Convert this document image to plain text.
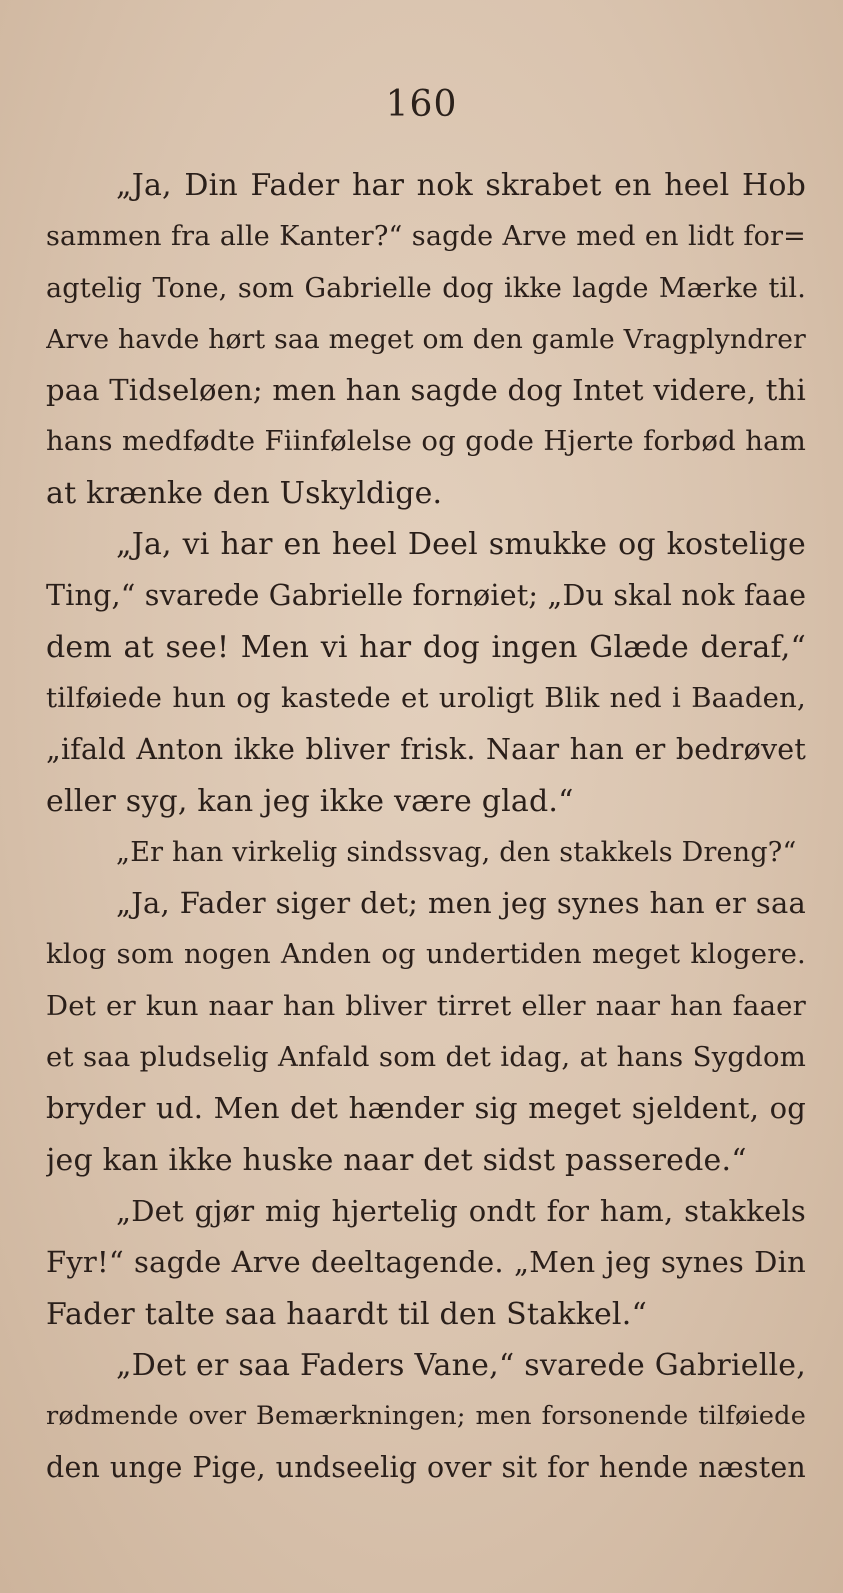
160
„Ja, Din Fader har nok skrabet en heel Hob
sammen fra alle Kanter?“ sagde Arve med en lidt for=
agtelig Tone, som Gabrielle dog ikke lagde Mærke til.
Arve havde hørt saa meget om den gamle Vragplyndrer
paa Tidseløen; men han sagde dog Intet videre, thi
hans medfødte Fiinfølelse og gode Hjerte forbød ham
at krænke den Uskyldige.
„Ja, vi har en heel Deel smukke og kostelige
Ting,“ svarede Gabrielle fornøiet; „Du skal nok faae
dem at see! Men vi har dog ingen Glæde deraf,“
tilføiede hun og kastede et uroligt Blik ned i Baaden,
„ifald Anton ikke bliver frisk. Naar han er bedrøvet
eller syg, kan jeg ikke være glad.“
„Er han virkelig sindssvag, den stakkels Dreng?“
„Ja, Fader siger det; men jeg synes han er saa
klog som nogen Anden og undertiden meget klogere.
Det er kun naar han bliver tirret eller naar han faaer
et saa pludselig Anfald som det idag, at hans Sygdom
bryder ud. Men det hænder sig meget sjeldent, og
jeg kan ikke huske naar det sidst passerede.“
„Det gjør mig hjertelig ondt for ham, stakkels
Fyr!“ sagde Arve deeltagende. „Men jeg synes Din
Fader talte saa haardt til den Stakkel.“
„Det er saa Faders Vane,“ svarede Gabrielle,
rødmende over Bemærkningen; men forsonende tilføiede
den unge Pige, undseelig over sit for hende næsten
